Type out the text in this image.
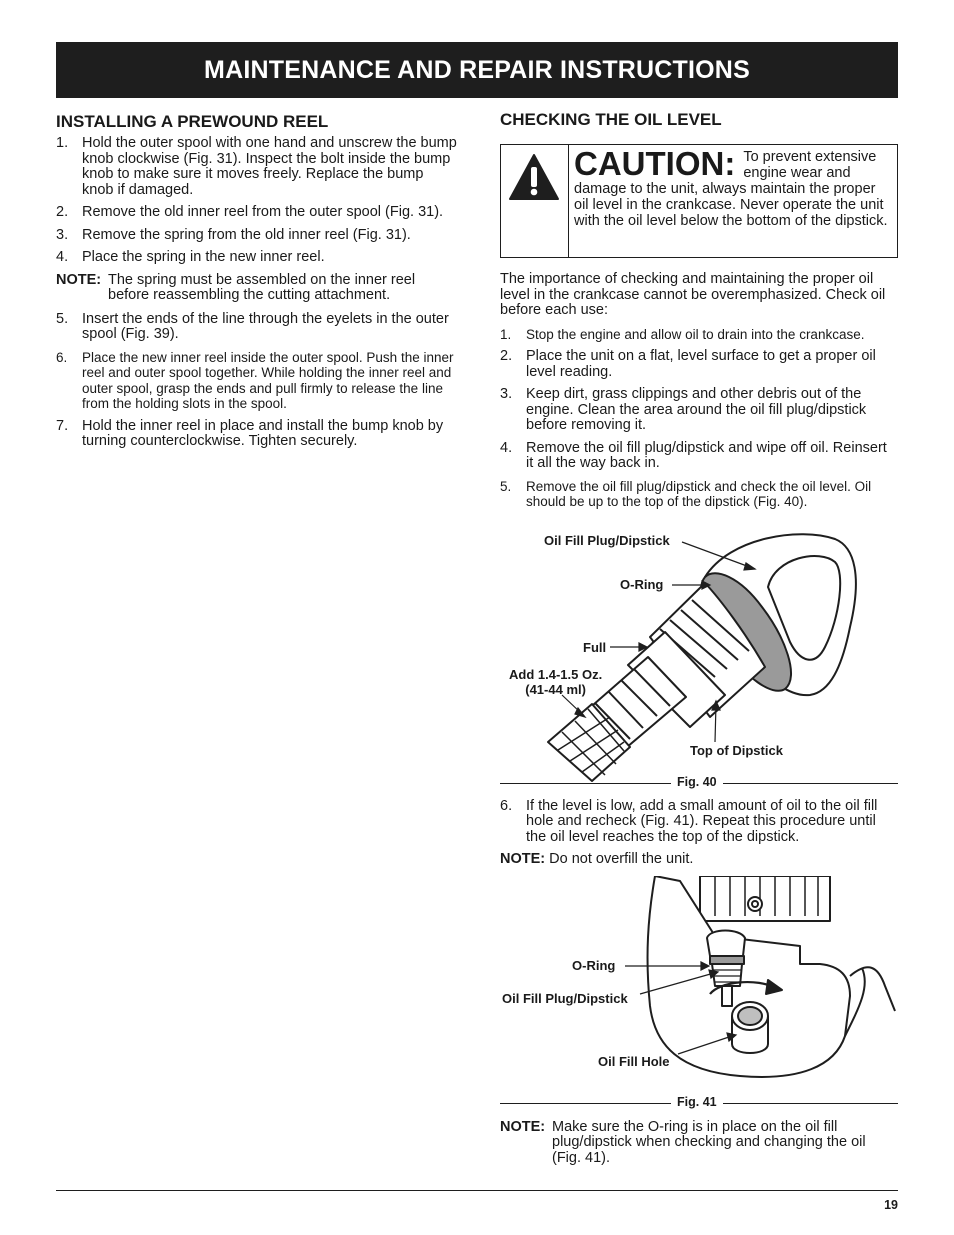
MAINTENANCE AND REPAIR INSTRUCTIONS
INSTALLING A PREWOUND REEL
1. Hold the outer spool with one hand and unscrew the bump knob clockwise (Fig. 31). Inspect the bolt inside the bump knob to make sure it moves freely. Replace the bump knob if damaged.
2. Remove the old inner reel from the outer spool (Fig. 31).
3. Remove the spring from the old inner reel (Fig. 31).
4. Place the spring in the new inner reel.
NOTE: The spring must be assembled on the inner reel before reassembling the cutting attachment.
5. Insert the ends of the line through the eyelets in the outer spool (Fig. 39).
6. Place the new inner reel inside the outer spool. Push the inner reel and outer spool together. While holding the inner reel and outer spool, grasp the ends and pull firmly to release the line from the holding slots in the spool.
7. Hold the inner reel in place and install the bump knob by turning counterclockwise. Tighten securely.
CHECKING THE OIL LEVEL
CAUTION: To prevent extensive engine wear and damage to the unit, always maintain the proper oil level in the crankcase. Never operate the unit with the oil level below the bottom of the dipstick.

The importance of checking and maintaining the proper oil level in the crankcase cannot be overemphasized. Check oil before each use:

1. Stop the engine and allow oil to drain into the crankcase.
2. Place the unit on a flat, level surface to get a proper oil level reading.
3. Keep dirt, grass clippings and other debris out of the engine. Clean the area around the oil fill plug/dipstick before removing it.
4. Remove the oil fill plug/dipstick and wipe off oil. Reinsert it all the way back in.
5. Remove the oil fill plug/dipstick and check the oil level. Oil should be up to the top of the dipstick (Fig. 40).
Oil Fill Plug/Dipstick
O-Ring
Full
Add 1.4-1.5 Oz.
(41-44 ml)
Top of Dipstick
Fig. 40
6. If the level is low, add a small amount of oil to the oil fill hole and recheck (Fig. 41). Repeat this procedure until the oil level reaches the top of the dipstick.
NOTE: Do not overfill the unit.
O-Ring
Oil Fill Plug/Dipstick
Oil Fill Hole
Fig. 41
NOTE: Make sure the O-ring is in place on the oil fill plug/dipstick when checking and changing the oil (Fig. 41).
19
